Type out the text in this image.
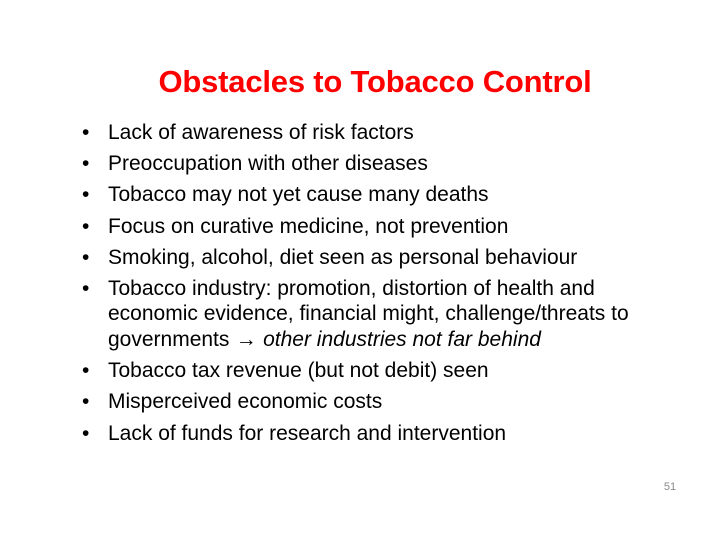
Obstacles to Tobacco Control
• Lack of awareness of risk factors
• Preoccupation with other diseases
• Tobacco may not yet cause many deaths
• Focus on curative medicine, not prevention
• Smoking, alcohol, diet seen as personal behaviour
• Tobacco industry: promotion, distortion of health and economic evidence, financial might, challenge/threats to governments → other industries not far behind
• Tobacco tax revenue (but not debit) seen
• Misperceived economic costs
• Lack of funds for research and intervention
51
